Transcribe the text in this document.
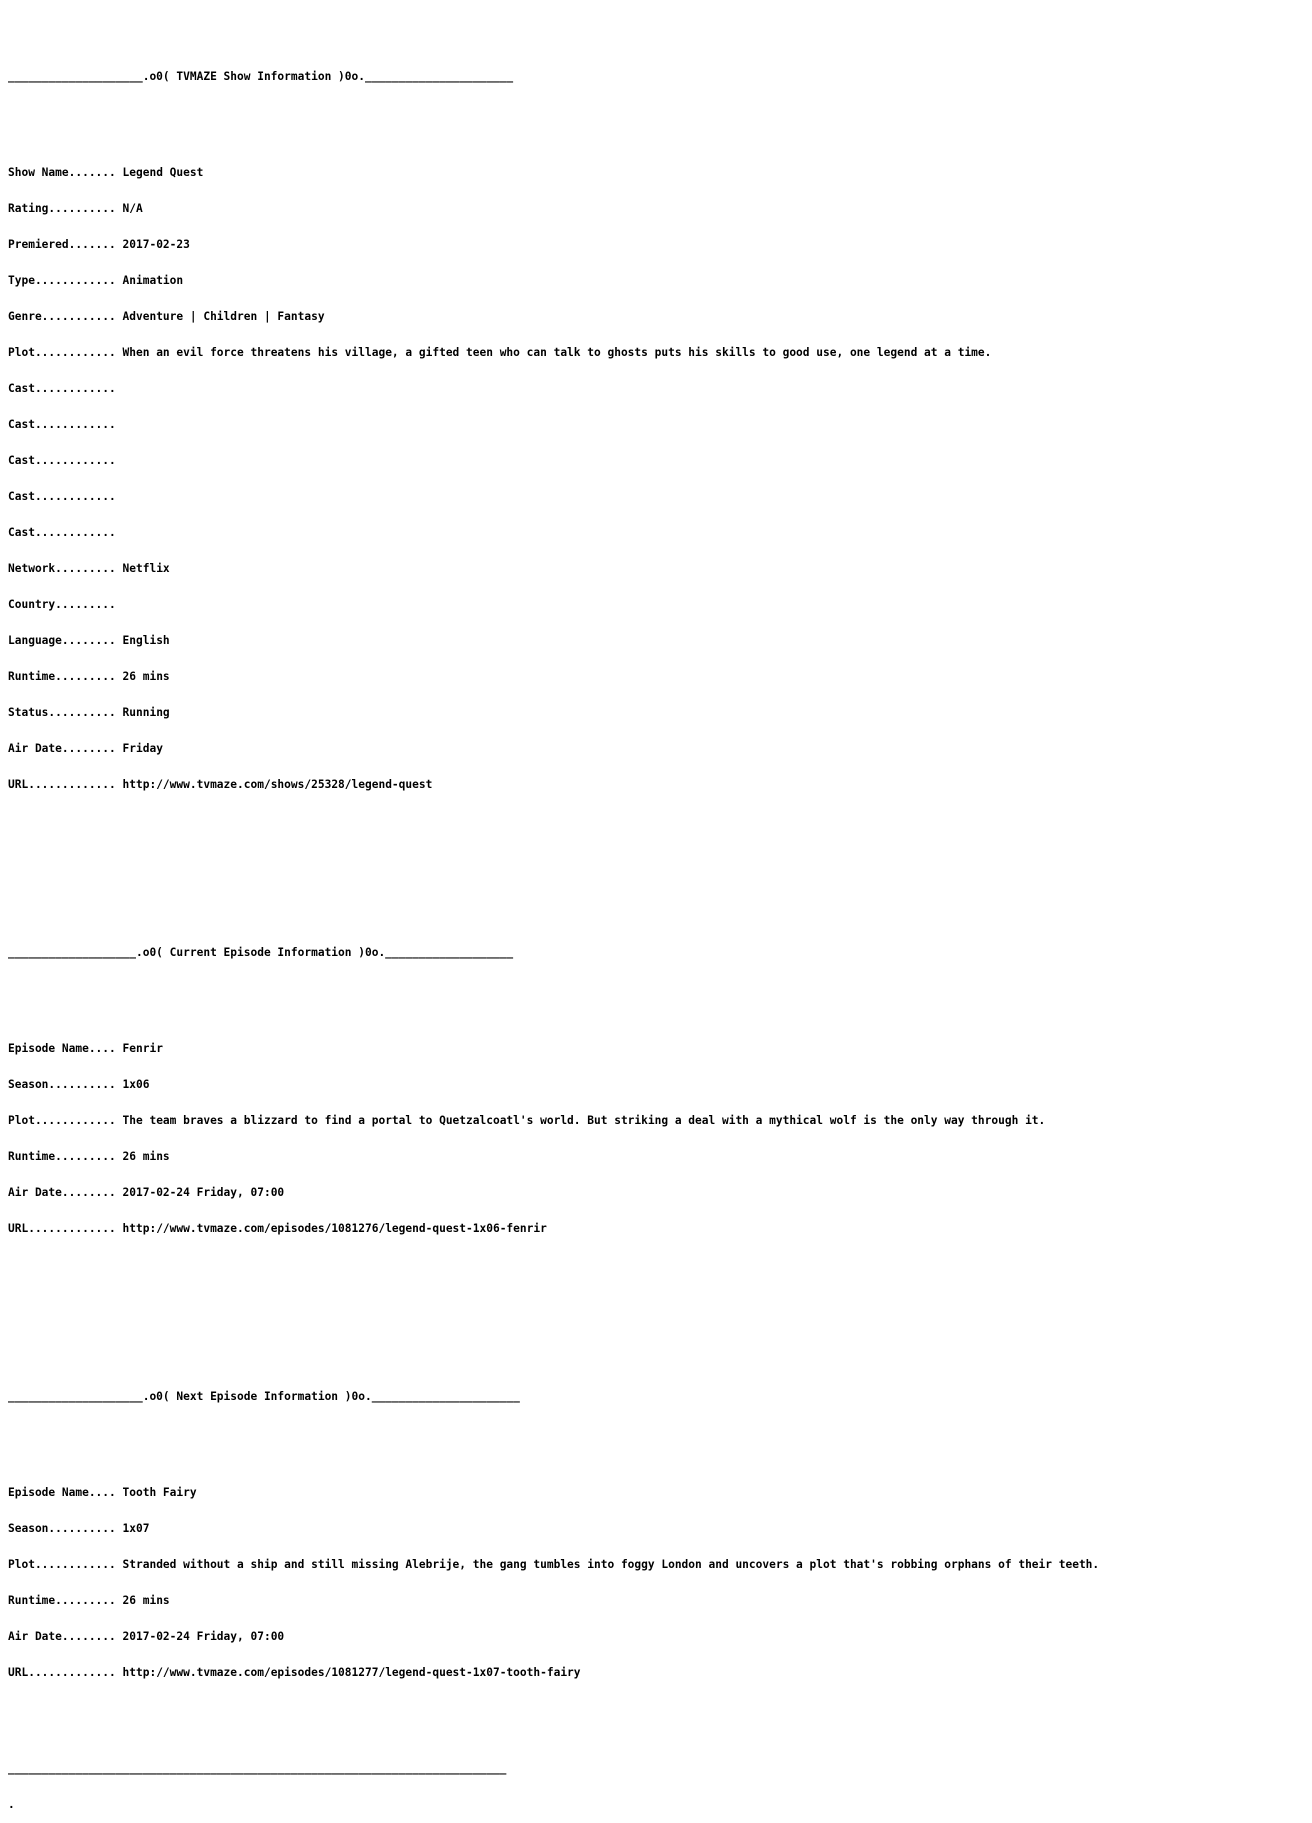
____________________.o0( TVMAZE Show Information )0o.______________________

Show Name....... Legend Quest

Rating.......... N/A

Premiered....... 2017-02-23

Type............ Animation

Genre........... Adventure | Children | Fantasy

Plot............ When an evil force threatens his village, a gifted teen who can talk to ghosts puts his skills to good use, one legend at a time.

Cast............

Cast............

Cast............

Cast............

Cast............

Network......... Netflix

Country.........

Language........ English

Runtime......... 26 mins

Status.......... Running

Air Date........ Friday

URL............. http://www.tvmaze.com/shows/25328/legend-quest

___________________.o0( Current Episode Information )0o.___________________

Episode Name.... Fenrir

Season.......... 1x06

Plot............ The team braves a blizzard to find a portal to Quetzalcoatl's world. But striking a deal with a mythical wolf is the only way through it.

Runtime......... 26 mins

Air Date........ 2017-02-24 Friday, 07:00

URL............. http://www.tvmaze.com/episodes/1081276/legend-quest-1x06-fenrir

____________________.o0( Next Episode Information )0o.______________________

Episode Name.... Tooth Fairy

Season.......... 1x07

Plot............ Stranded without a ship and still missing Alebrije, the gang tumbles into foggy London and uncovers a plot that's robbing orphans of their teeth.

Runtime......... 26 mins

Air Date........ 2017-02-24 Friday, 07:00

URL............. http://www.tvmaze.com/episodes/1081277/legend-quest-1x07-tooth-fairy

__________________________________________________________________________

.
